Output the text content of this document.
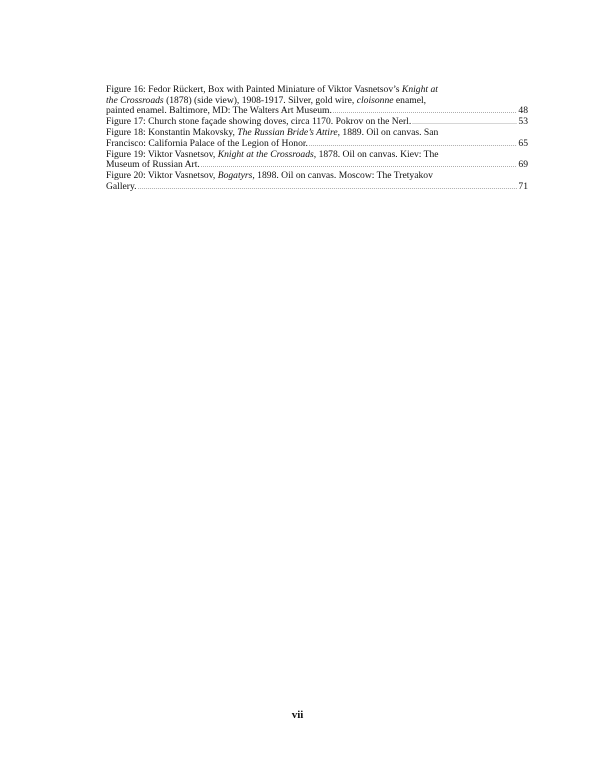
Figure 16: Fedor Rückert, Box with Painted Miniature of Viktor Vasnetsov’s Knight at
the Crossroads (1878) (side view), 1908-1917. Silver, gold wire, cloisonne enamel,
painted enamel. Baltimore, MD: The Walters Art Museum. .....	48
Figure 17: Church stone façade showing doves, circa 1170. Pokrov on the Nerl. .....	53
Figure 18: Konstantin Makovsky, The Russian Bride’s Attire, 1889. Oil on canvas. San
Francisco: California Palace of the Legion of Honor. .....	65
Figure 19: Viktor Vasnetsov, Knight at the Crossroads, 1878. Oil on canvas. Kiev: The
Museum of Russian Art. .....	69
Figure 20: Viktor Vasnetsov, Bogatyrs, 1898. Oil on canvas. Moscow: The Tretyakov
Gallery. .....	71
vii
